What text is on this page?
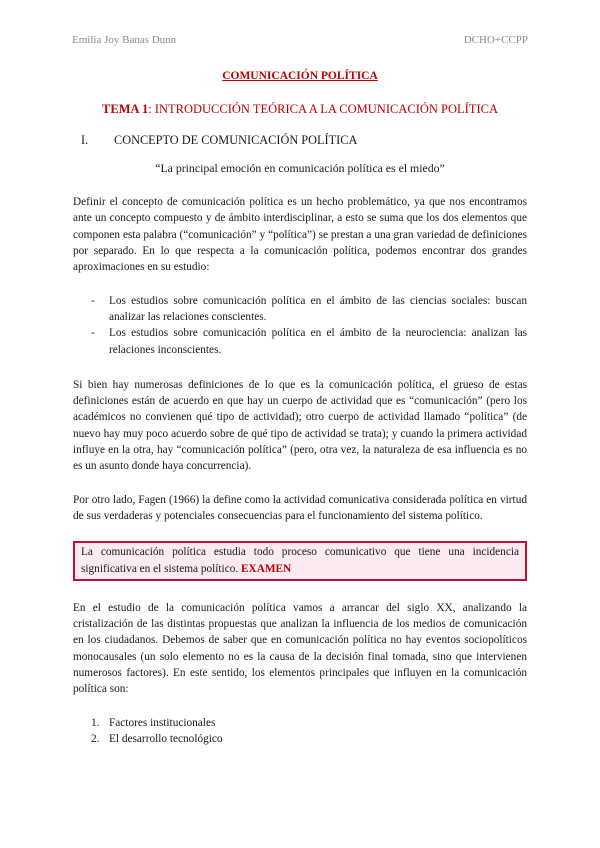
Emilia Joy Banas Dunn	DCHO+CCPP
COMUNICACIÓN POLÍTICA
TEMA 1: INTRODUCCIÓN TEÓRICA A LA COMUNICACIÓN POLÍTICA
I.	CONCEPTO DE COMUNICACIÓN POLÍTICA
“La principal emoción en comunicación política es el miedo”

Definir el concepto de comunicación política es un hecho problemático, ya que nos encontramos ante un concepto compuesto y de ámbito interdisciplinar, a esto se suma que los dos elementos que componen esta palabra (“comunicación” y “política”) se prestan a una gran variedad de definiciones por separado. En lo que respecta a la comunicación política, podemos encontrar dos grandes aproximaciones en su estudio:

- Los estudios sobre comunicación política en el ámbito de las ciencias sociales: buscan analizar las relaciones conscientes.
- Los estudios sobre comunicación política en el ámbito de la neurociencia: analizan las relaciones inconscientes.

Si bien hay numerosas definiciones de lo que es la comunicación política, el grueso de estas definiciones están de acuerdo en que hay un cuerpo de actividad que es “comunicación” (pero los académicos no convienen qué tipo de actividad); otro cuerpo de actividad llamado “política” (de nuevo hay muy poco acuerdo sobre de qué tipo de actividad se trata); y cuando la primera actividad influye en la otra, hay “comunicación política” (pero, otra vez, la naturaleza de esa influencia es no es un asunto donde haya concurrencia).

Por otro lado, Fagen (1966) la define como la actividad comunicativa considerada política en virtud de sus verdaderas y potenciales consecuencias para el funcionamiento del sistema político.

La comunicación política estudia todo proceso comunicativo que tiene una incidencia significativa en el sistema político. EXAMEN

En el estudio de la comunicación política vamos a arrancar del siglo XX, analizando la cristalización de las distintas propuestas que analizan la influencia de los medios de comunicación en los ciudadanos. Debemos de saber que en comunicación política no hay eventos sociopolíticos monocausales (un solo elemento no es la causa de la decisión final tomada, sino que intervienen numerosos factores). En este sentido, los elementos principales que influyen en la comunicación política son:

1. Factores institucionales
2. El desarrollo tecnológico
